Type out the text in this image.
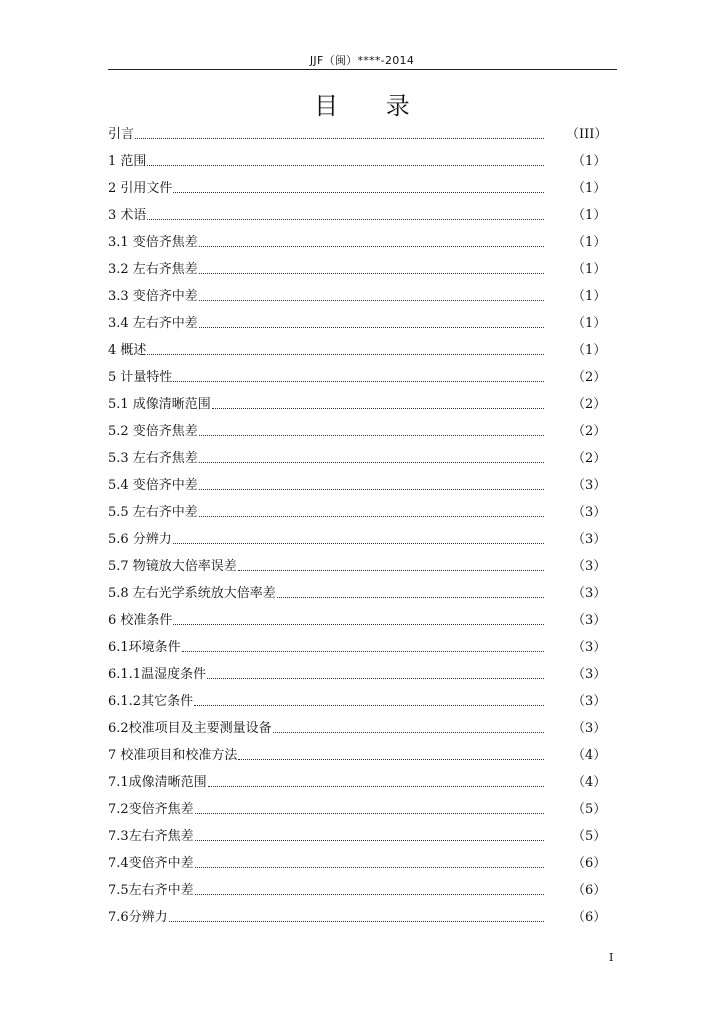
JJF（闽）****-2014
目 录
引言	（III）
1 范围	（1）
2 引用文件	（1）
3 术语	（1）
3.1 变倍齐焦差	（1）
3.2 左右齐焦差	（1）
3.3 变倍齐中差	（1）
3.4 左右齐中差	（1）
4 概述	（1）
5 计量特性	（2）
5.1 成像清晰范围	（2）
5.2 变倍齐焦差	（2）
5.3 左右齐焦差	（2）
5.4 变倍齐中差	（3）
5.5 左右齐中差	（3）
5.6 分辨力	（3）
5.7 物镜放大倍率误差	（3）
5.8 左右光学系统放大倍率差	（3）
6 校准条件	（3）
6.1环境条件	（3）
6.1.1温湿度条件	（3）
6.1.2其它条件	（3）
6.2校准项目及主要测量设备	（3）
7 校准项目和校准方法	（4）
7.1成像清晰范围	（4）
7.2变倍齐焦差	（5）
7.3左右齐焦差	（5）
7.4变倍齐中差	（6）
7.5左右齐中差	（6）
7.6分辨力	（6）
I
